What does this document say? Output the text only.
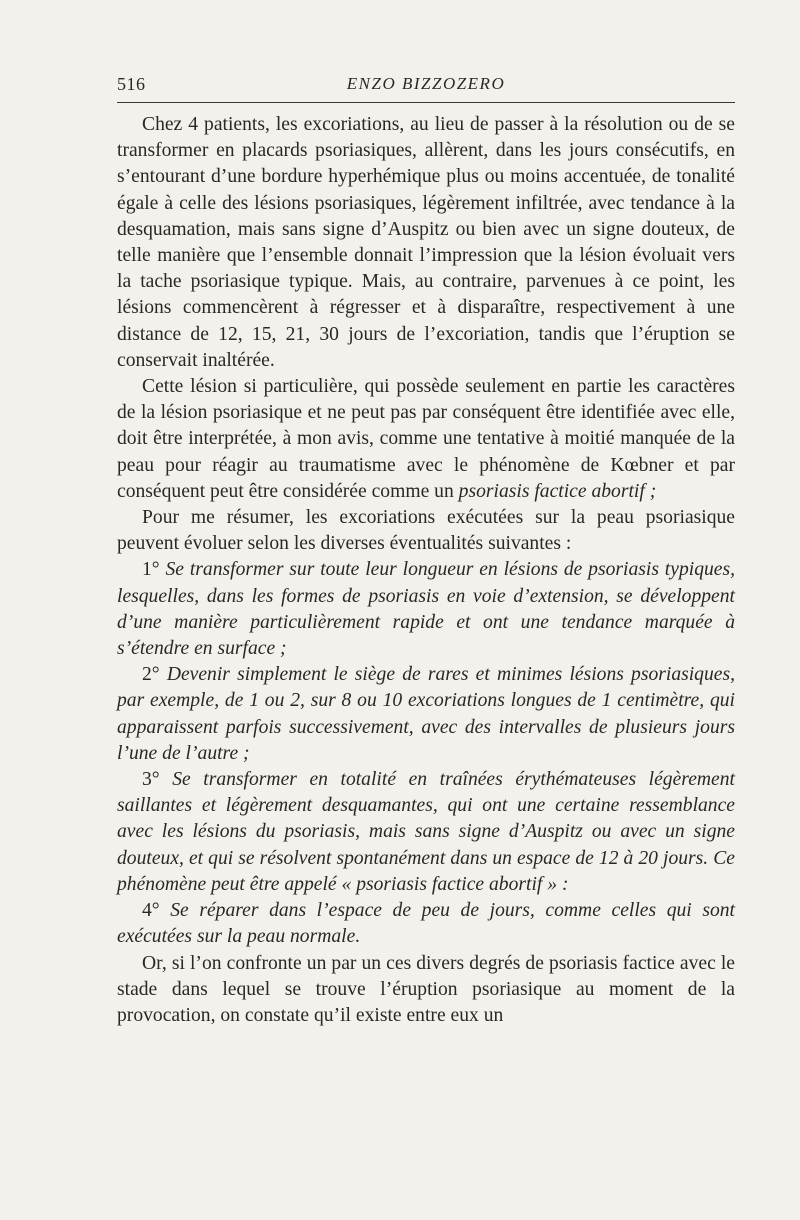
516	ENZO BIZZOZERO

Chez 4 patients, les excoriations, au lieu de passer à la résolution ou de se transformer en placards psoriasiques, allèrent, dans les jours consécutifs, en s’entourant d’une bordure hyperhémique plus ou moins accentuée, de tonalité égale à celle des lésions psoriasiques, légèrement infiltrée, avec tendance à la desquamation, mais sans signe d’Auspitz ou bien avec un signe douteux, de telle manière que l’ensemble donnait l’impression que la lésion évoluait vers la tache psoriasique typique. Mais, au contraire, parvenues à ce point, les lésions commencèrent à régresser et à disparaître, respectivement à une distance de 12, 15, 21, 30 jours de l’excoriation, tandis que l’éruption se conservait inaltérée.

Cette lésion si particulière, qui possède seulement en partie les caractères de la lésion psoriasique et ne peut pas par conséquent être identifiée avec elle, doit être interprétée, à mon avis, comme une tentative à moitié manquée de la peau pour réagir au traumatisme avec le phénomène de Kœbner et par conséquent peut être considérée comme un psoriasis factice abortif ;

Pour me résumer, les excoriations exécutées sur la peau psoriasique peuvent évoluer selon les diverses éventualités suivantes :

1° Se transformer sur toute leur longueur en lésions de psoriasis typiques, lesquelles, dans les formes de psoriasis en voie d’extension, se développent d’une manière particulièrement rapide et ont une tendance marquée à s’étendre en surface ;

2° Devenir simplement le siège de rares et minimes lésions psoriasiques, par exemple, de 1 ou 2, sur 8 ou 10 excoriations longues de 1 centimètre, qui apparaissent parfois successivement, avec des intervalles de plusieurs jours l’une de l’autre ;

3° Se transformer en totalité en traînées érythémateuses légèrement saillantes et légèrement desquamantes, qui ont une certaine ressemblance avec les lésions du psoriasis, mais sans signe d’Auspitz ou avec un signe douteux, et qui se résolvent spontanément dans un espace de 12 à 20 jours. Ce phénomène peut être appelé « psoriasis factice abortif » :

4° Se réparer dans l’espace de peu de jours, comme celles qui sont exécutées sur la peau normale.

Or, si l’on confronte un par un ces divers degrés de psoriasis factice avec le stade dans lequel se trouve l’éruption psoriasique au moment de la provocation, on constate qu’il existe entre eux un
